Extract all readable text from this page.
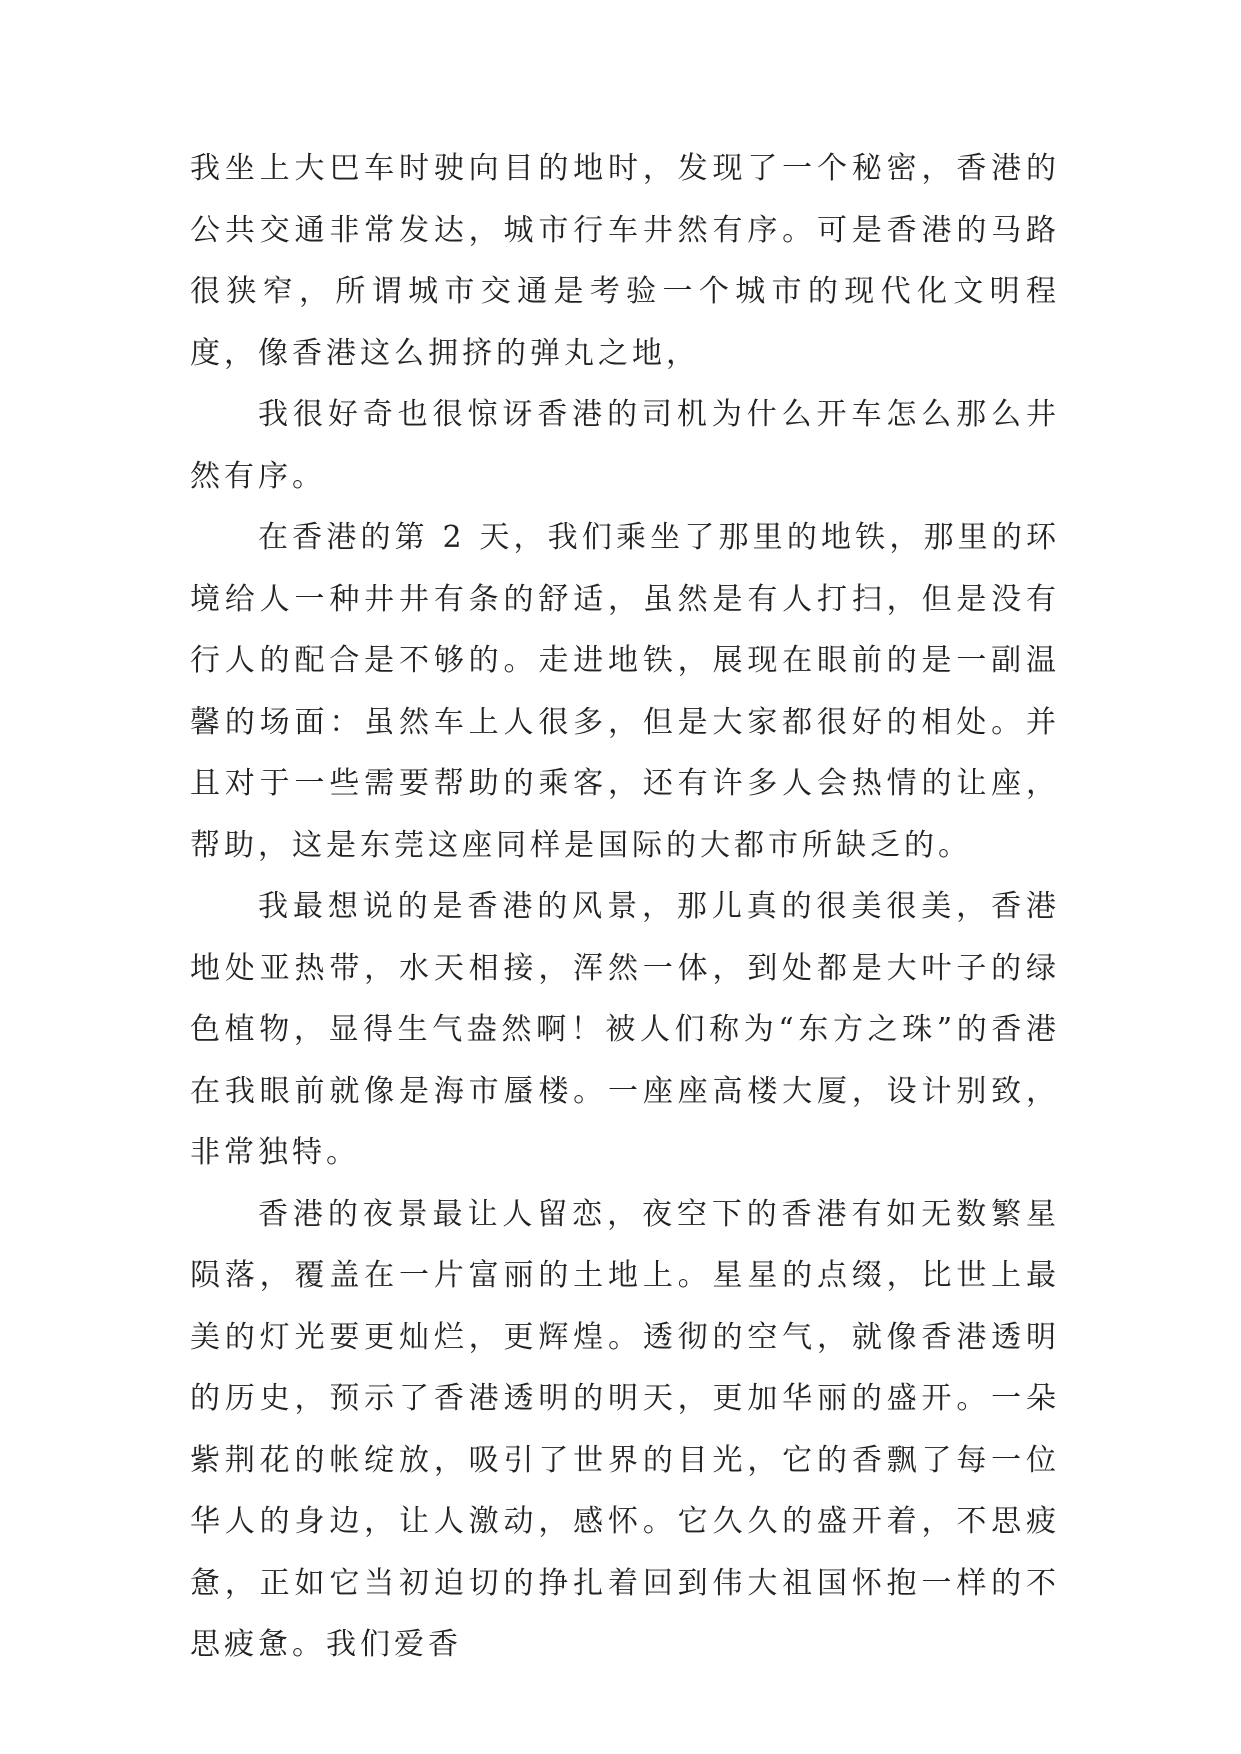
我坐上大巴车时驶向目的地时，发现了一个秘密，香港的公共交通非常发达，城市行车井然有序。可是香港的马路很狭窄，所谓城市交通是考验一个城市的现代化文明程度，像香港这么拥挤的弹丸之地，

我很好奇也很惊讶香港的司机为什么开车怎么那么井然有序。

在香港的第 2 天，我们乘坐了那里的地铁，那里的环境给人一种井井有条的舒适，虽然是有人打扫，但是没有行人的配合是不够的。走进地铁，展现在眼前的是一副温馨的场面：虽然车上人很多，但是大家都很好的相处。并且对于一些需要帮助的乘客，还有许多人会热情的让座，帮助，这是东莞这座同样是国际的大都市所缺乏的。

我最想说的是香港的风景，那儿真的很美很美，香港地处亚热带，水天相接，浑然一体，到处都是大叶子的绿色植物，显得生气盎然啊！被人们称为“东方之珠”的香港在我眼前就像是海市蜃楼。一座座高楼大厦，设计别致，非常独特。

香港的夜景最让人留恋，夜空下的香港有如无数繁星陨落，覆盖在一片富丽的土地上。星星的点缀，比世上最美的灯光要更灿烂，更辉煌。透彻的空气，就像香港透明的历史，预示了香港透明的明天，更加华丽的盛开。一朵紫荆花的帐绽放，吸引了世界的目光，它的香飘了每一位华人的身边，让人激动，感怀。它久久的盛开着，不思疲惫，正如它当初迫切的挣扎着回到伟大祖国怀抱一样的不思疲惫。我们爱香
